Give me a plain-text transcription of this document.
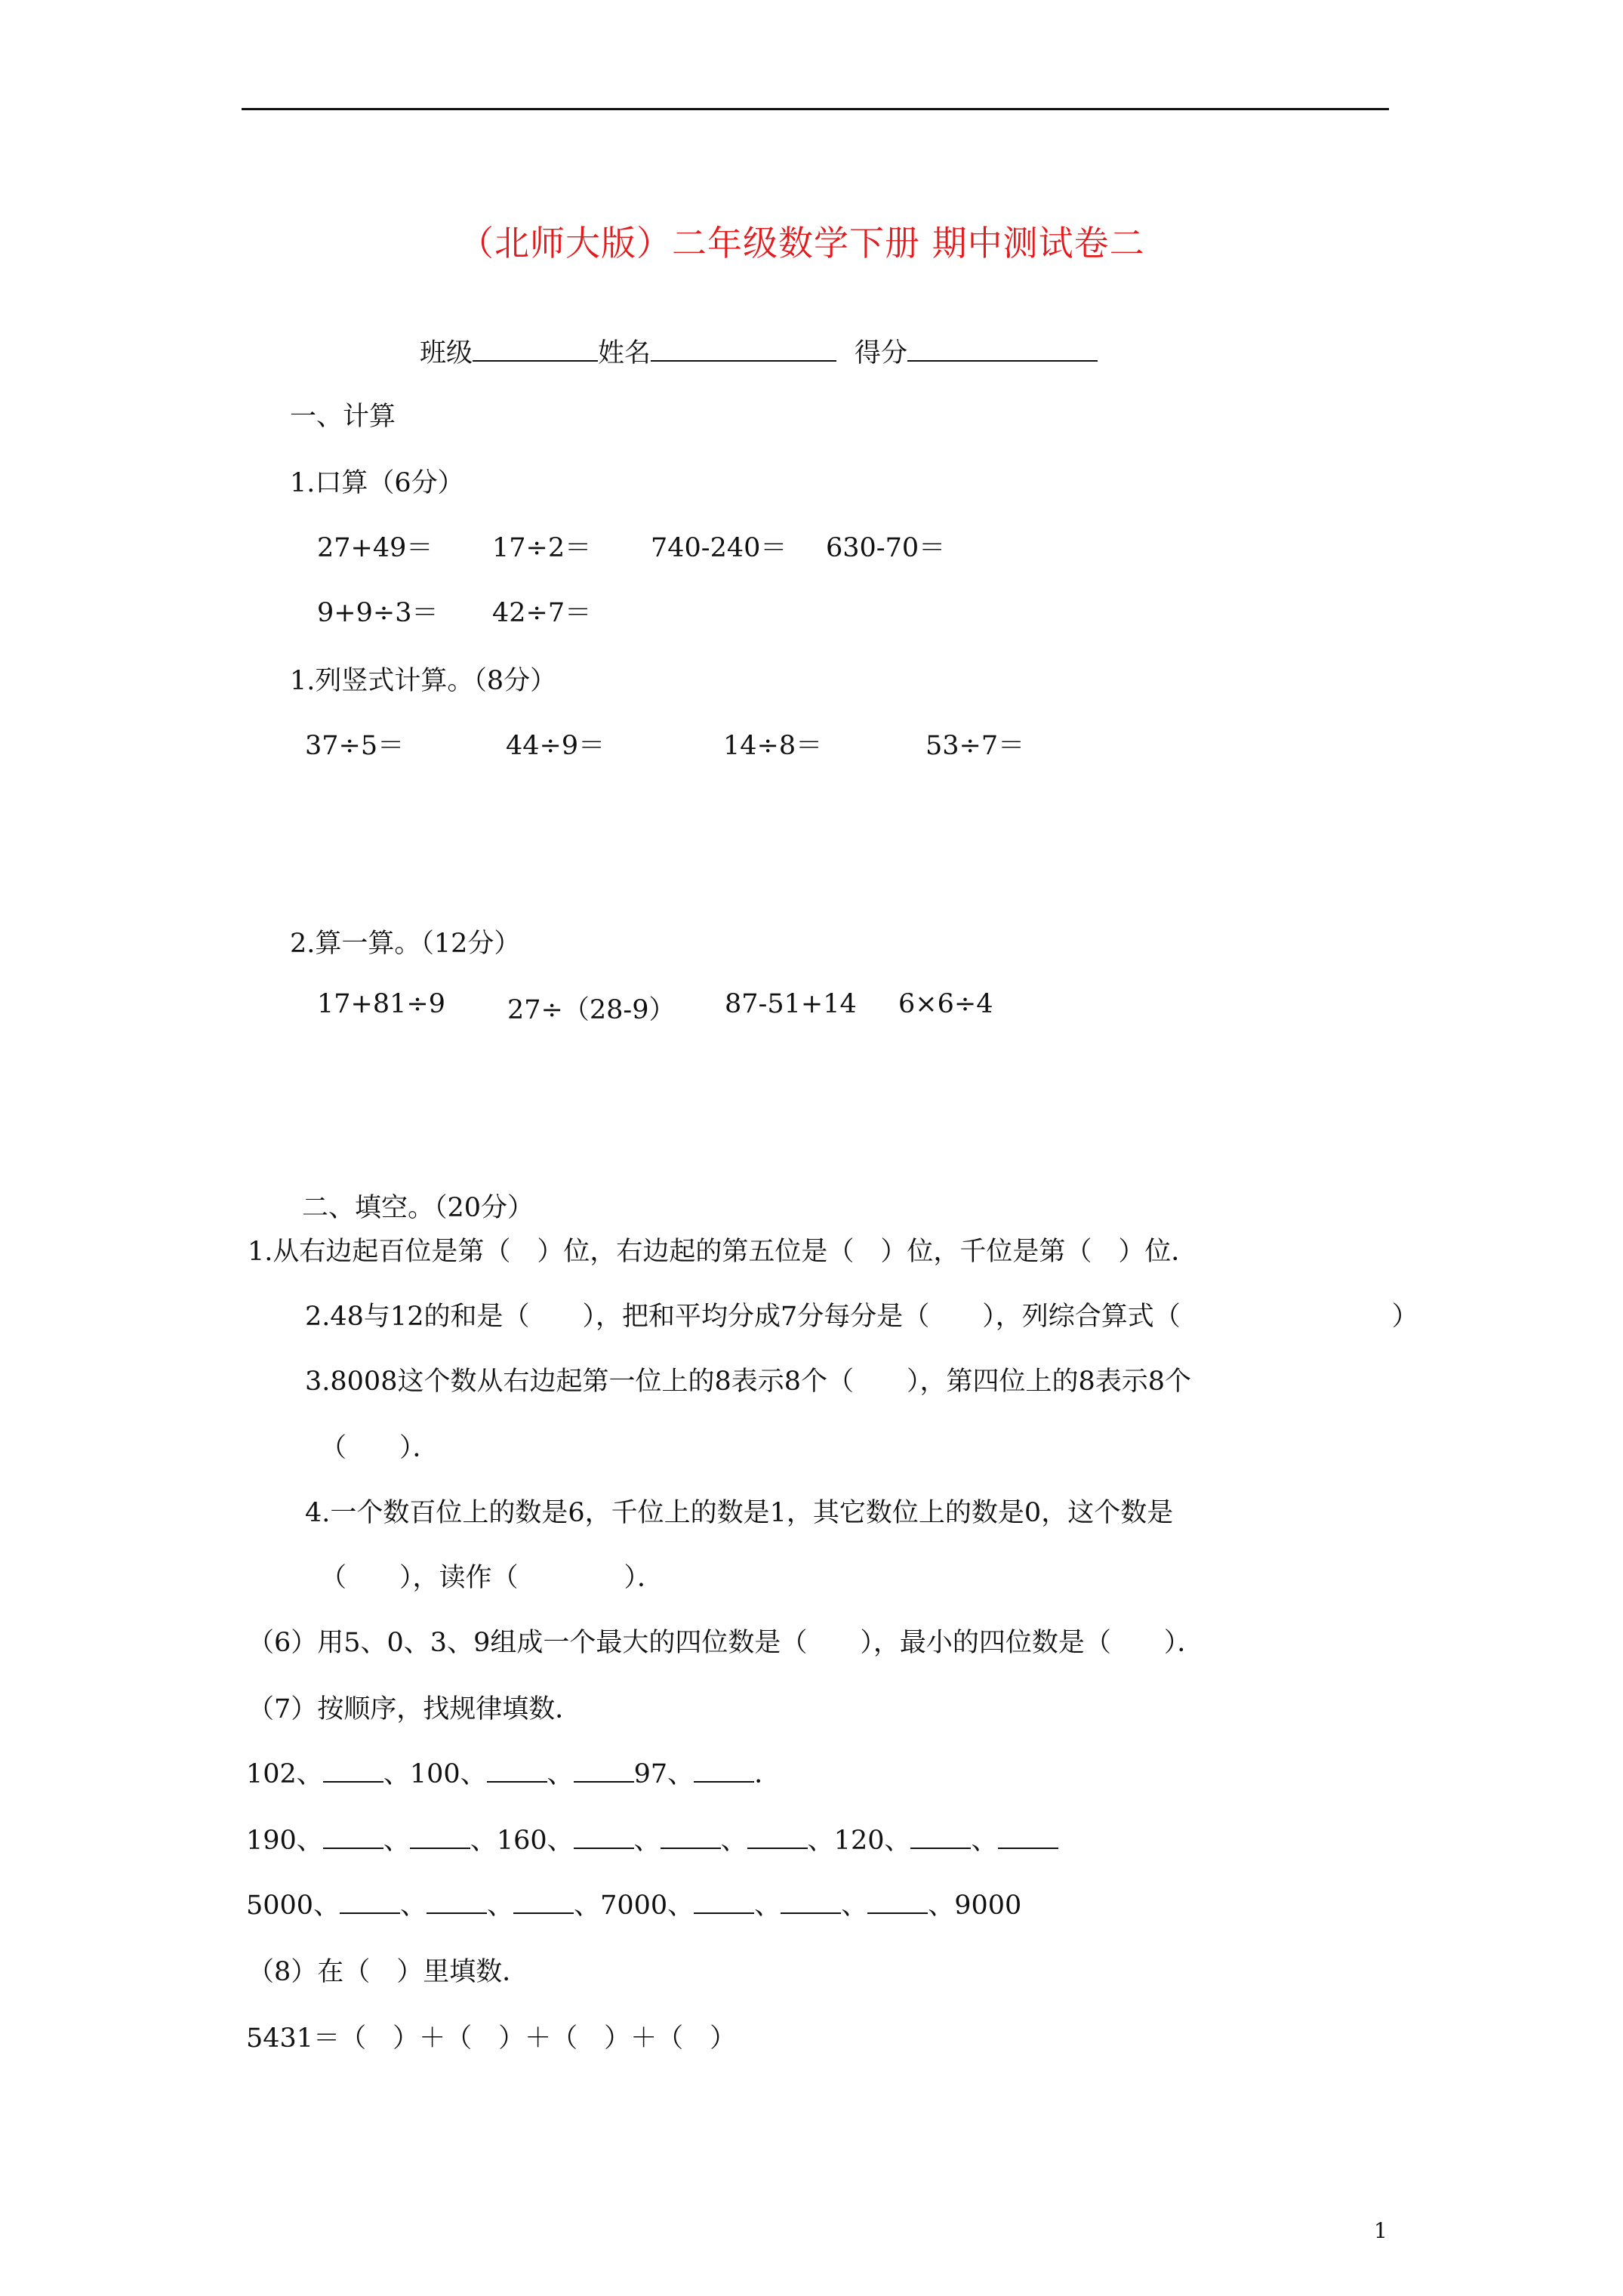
（北师大版）二年级数学下册 期中测试卷二
班级	姓名	得分
一、计算
1.口算（6分）
27+49＝ 17÷2＝ 740-240＝ 630-70＝
9+9÷3＝ 42÷7＝
1.列竖式计算。（8分）
37÷5＝	44÷9＝	14÷8＝	53÷7＝
2.算一算。（12分）
17+81÷9 27÷（28-9） 87-51+14 6×6÷4
二、填空。（20分）
1.从右边起百位是第（　）位，右边起的第五位是（　）位，千位是第（　）位．
2.48与12的和是（　　），把和平均分成7分每分是（　　），列综合算式（　　　　　　　　）
3.8008这个数从右边起第一位上的8表示8个（　　），第四位上的8表示8个
（　　）．
4.一个数百位上的数是6，千位上的数是1，其它数位上的数是0，这个数是
（　　），读作（　　　　）．
（6）用5、0、3、9组成一个最大的四位数是（　　），最小的四位数是（　　）．
（7）按顺序，找规律填数．
102、 、100、 、 97、 ．
190、 、 、160、 、 、 、120、 、
5000、 、 、 、7000、 、 、 、9000
（8）在（　）里填数．
5431＝（　）＋（　）＋（　）＋（　）
1
